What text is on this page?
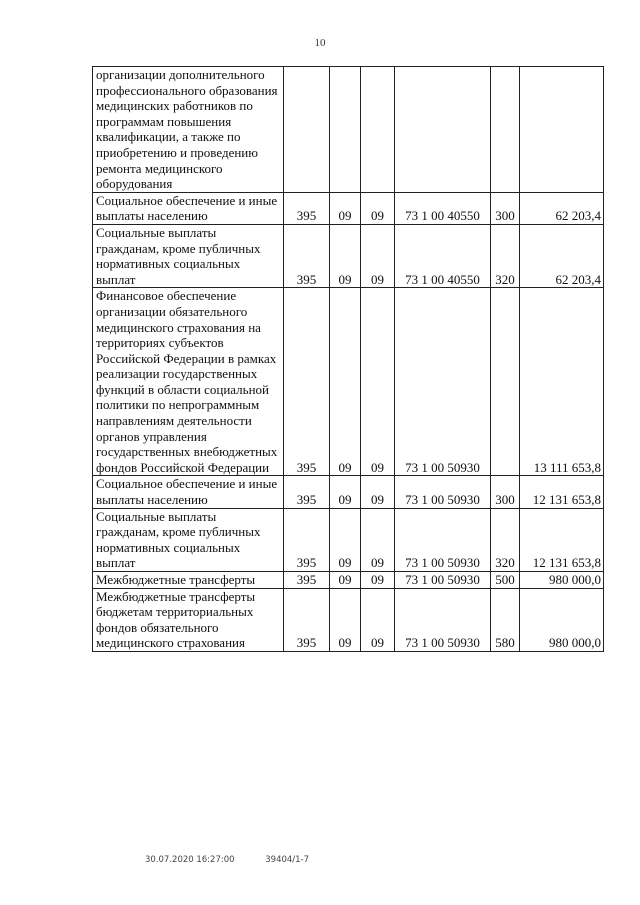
10
организации дополнительного профессионального образования медицинских работников по программам повышения квалификации, а также по приобретению и проведению ремонта медицинского оборудования						
Социальное обеспечение и иные выплаты населению	395	09	09	73 1 00 40550	300	62 203,4
Социальные выплаты гражданам, кроме публичных нормативных социальных выплат	395	09	09	73 1 00 40550	320	62 203,4
Финансовое обеспечение организации обязательного медицинского страхования на территориях субъектов Российской Федерации в рамках реализации государственных функций в области социальной политики по непрограммным направлениям деятельности органов управления государственных внебюджетных фондов Российской Федерации	395	09	09	73 1 00 50930		13 111 653,8
Социальное обеспечение и иные выплаты населению	395	09	09	73 1 00 50930	300	12 131 653,8
Социальные выплаты гражданам, кроме публичных нормативных социальных выплат	395	09	09	73 1 00 50930	320	12 131 653,8
Межбюджетные трансферты	395	09	09	73 1 00 50930	500	980 000,0
Межбюджетные трансферты бюджетам территориальных фондов обязательного медицинского страхования	395	09	09	73 1 00 50930	580	980 000,0
30.07.2020 16:27:00	39404/1-7
